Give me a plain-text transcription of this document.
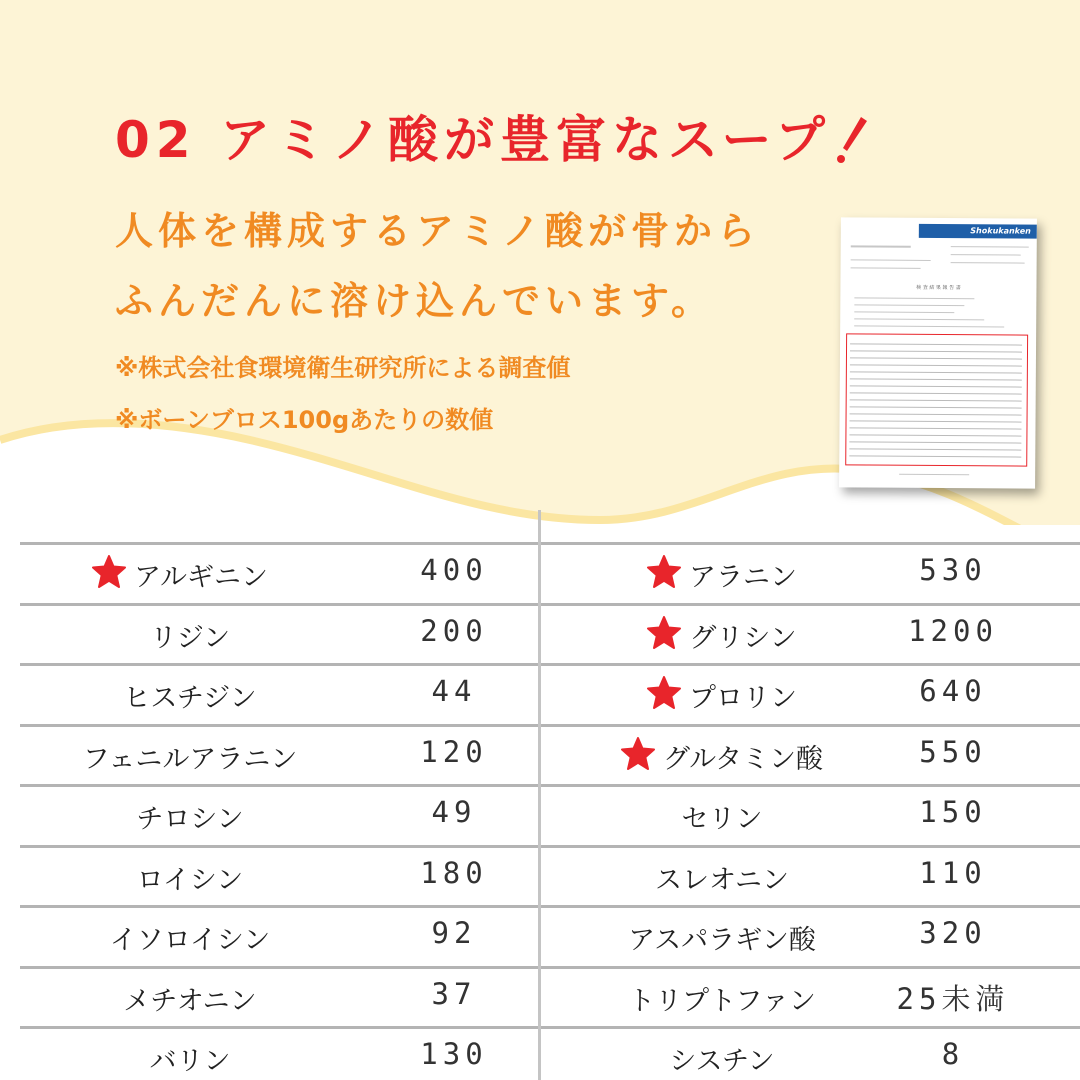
02 アミノ酸が豊富なスープ
人体を構成するアミノ酸が骨から
ふんだんに溶け込んでいます。
※株式会社食環境衛生研究所による調査値
※ボーンブロス100gあたりの数値
Shokukanken
検 査 結 果 報 告 書
アルギニン	400
リジン	200
ヒスチジン	44
フェニルアラニン	120
チロシン	49
ロイシン	180
イソロイシン	92
メチオニン	37
バリン	130
アラニン	530
グリシン	1200
プロリン	640
グルタミン酸	550
セリン	150
スレオニン	110
アスパラギン酸	320
トリプトファン	25未満
シスチン	8
